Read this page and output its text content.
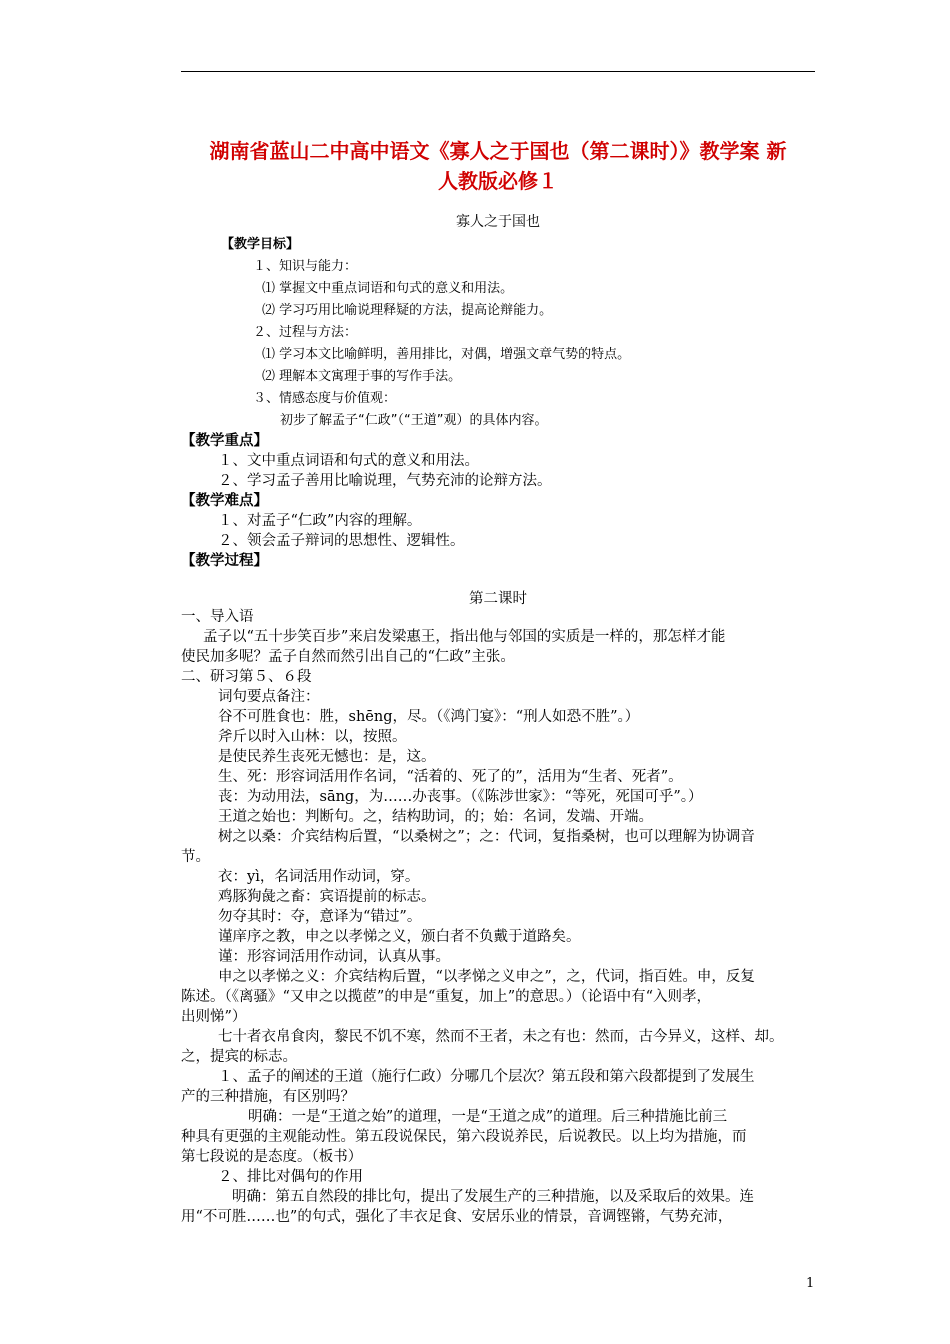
湖南省蓝山二中高中语文《寡人之于国也（第二课时）》教学案 新
人教版必修１
寡人之于国也
【教学目标】
１、知识与能力：
⑴ 掌握文中重点词语和句式的意义和用法。
⑵ 学习巧用比喻说理释疑的方法，提高论辩能力。
２、过程与方法：
⑴ 学习本文比喻鲜明，善用排比，对偶，增强文章气势的特点。
⑵ 理解本文寓理于事的写作手法。
３、情感态度与价值观：
初步了解孟子“仁政”（“王道”观）的具体内容。
【教学重点】
１、文中重点词语和句式的意义和用法。
２、学习孟子善用比喻说理，气势充沛的论辩方法。
【教学难点】
１、对孟子“仁政”内容的理解。
２、领会孟子辩词的思想性、逻辑性。
【教学过程】
第二课时
一、导入语
孟子以“五十步笑百步”来启发梁惠王，指出他与邻国的实质是一样的，那怎样才能
使民加多呢？孟子自然而然引出自己的“仁政”主张。
二、研习第５、６段
词句要点备注：
谷不可胜食也：胜，shēng，尽。（《鸿门宴》：“刑人如恐不胜”。）
斧斤以时入山林：以，按照。
是使民养生丧死无憾也：是，这。
生、死：形容词活用作名词，“活着的、死了的”，活用为“生者、死者”。
丧：为动用法，sāng，为……办丧事。（《陈涉世家》：“等死，死国可乎”。）
王道之始也：判断句。之，结构助词，的；始：名词，发端、开端。
树之以桑：介宾结构后置，“以桑树之”；之：代词，复指桑树，也可以理解为协调音
节。
衣：yì，名词活用作动词，穿。
鸡豚狗彘之畜：宾语提前的标志。
勿夺其时：夺，意译为“错过”。
谨庠序之教，申之以孝悌之义，颁白者不负戴于道路矣。
谨：形容词活用作动词，认真从事。
申之以孝悌之义：介宾结构后置，“以孝悌之义申之”，之，代词，指百姓。申，反复
陈述。（《离骚》“又申之以揽茝”的申是“重复，加上”的意思。）（论语中有“入则孝，
出则悌”）
七十者衣帛食肉，黎民不饥不寒，然而不王者，未之有也：然而，古今异义，这样、却。
之，提宾的标志。
１、孟子的阐述的王道（施行仁政）分哪几个层次？第五段和第六段都提到了发展生
产的三种措施，有区别吗？
明确：一是“王道之始”的道理，一是“王道之成”的道理。后三种措施比前三
种具有更强的主观能动性。第五段说保民，第六段说养民，后说教民。以上均为措施，而
第七段说的是态度。（板书）
２、排比对偶句的作用
明确：第五自然段的排比句，提出了发展生产的三种措施，以及采取后的效果。连
用“不可胜……也”的句式，强化了丰衣足食、安居乐业的情景，音调铿锵，气势充沛，
1
